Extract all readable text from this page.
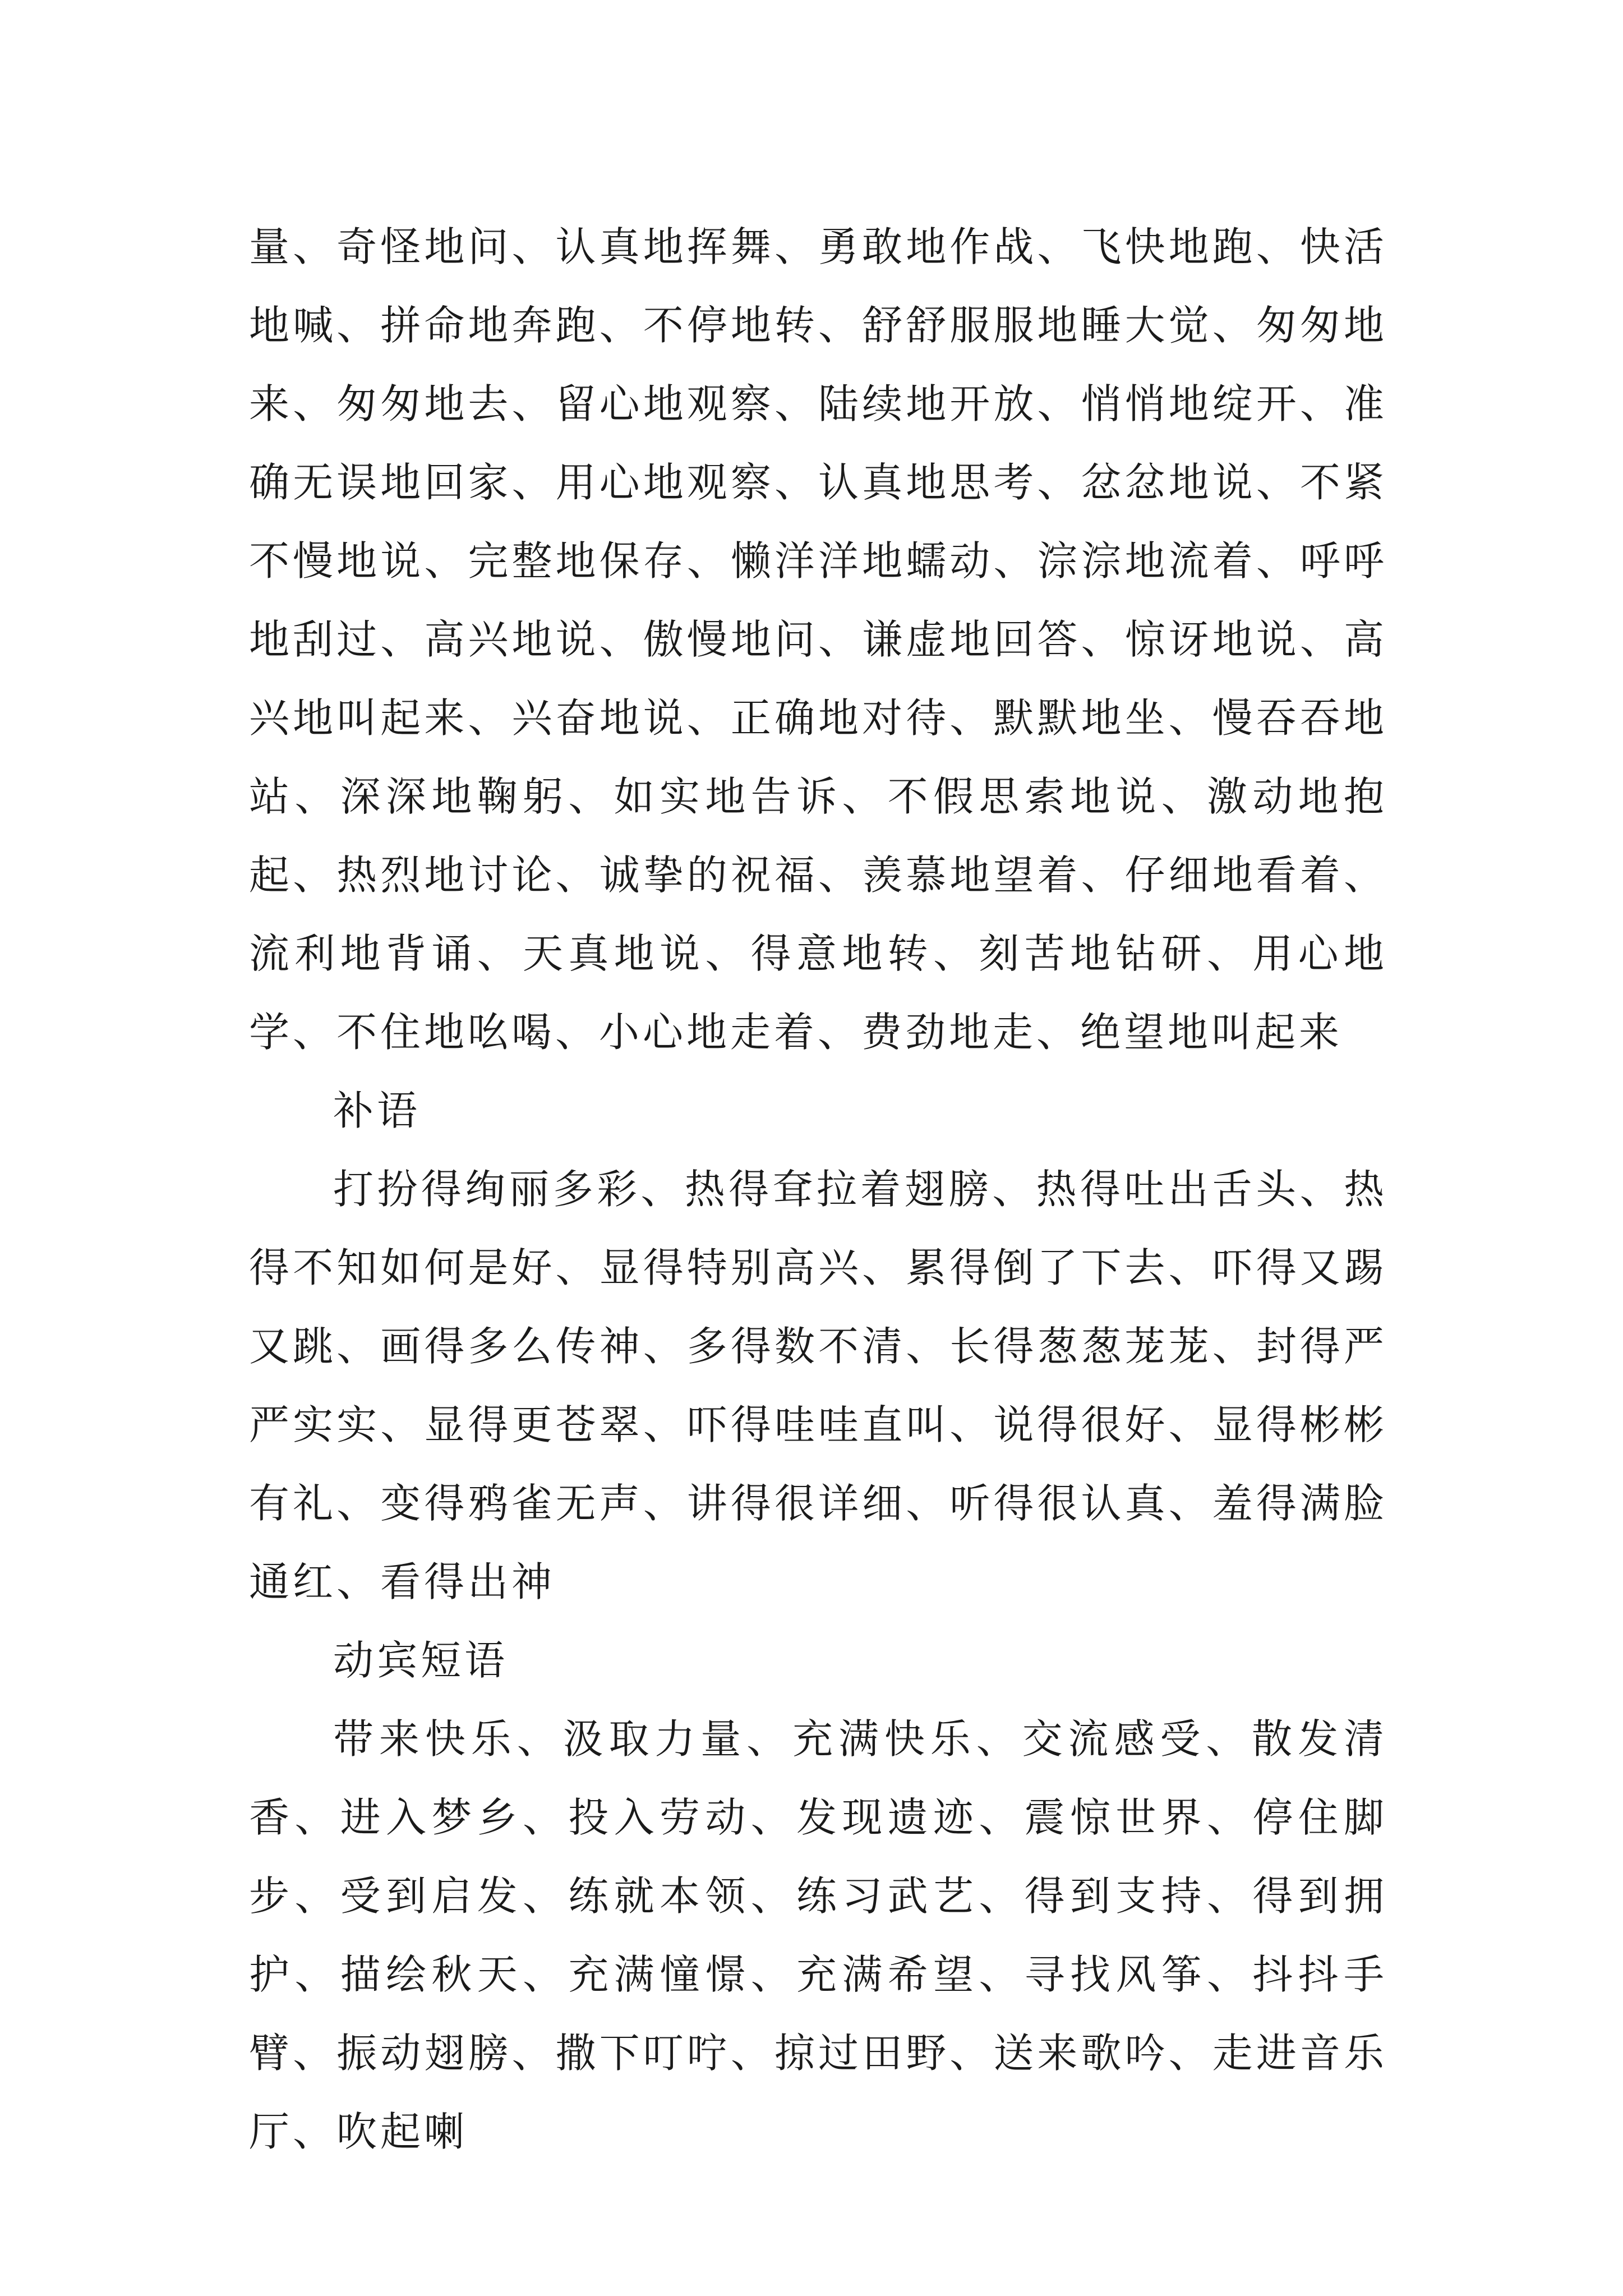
量、奇怪地问、认真地挥舞、勇敢地作战、飞快地跑、快活地喊、拼命地奔跑、不停地转、舒舒服服地睡大觉、匆匆地来、匆匆地去、留心地观察、陆续地开放、悄悄地绽开、准确无误地回家、用心地观察、认真地思考、忿忿地说、不紧不慢地说、完整地保存、懒洋洋地蠕动、淙淙地流着、呼呼地刮过、高兴地说、傲慢地问、谦虚地回答、惊讶地说、高兴地叫起来、兴奋地说、正确地对待、默默地坐、慢吞吞地站、深深地鞠躬、如实地告诉、不假思索地说、激动地抱起、热烈地讨论、诚挚的祝福、羡慕地望着、仔细地看着、流利地背诵、天真地说、得意地转、刻苦地钻研、用心地学、不住地吆喝、小心地走着、费劲地走、绝望地叫起来

补语

打扮得绚丽多彩、热得耷拉着翅膀、热得吐出舌头、热得不知如何是好、显得特别高兴、累得倒了下去、吓得又踢又跳、画得多么传神、多得数不清、长得葱葱茏茏、封得严严实实、显得更苍翠、吓得哇哇直叫、说得很好、显得彬彬有礼、变得鸦雀无声、讲得很详细、听得很认真、羞得满脸通红、看得出神

动宾短语

带来快乐、汲取力量、充满快乐、交流感受、散发清香、进入梦乡、投入劳动、发现遗迹、震惊世界、停住脚步、受到启发、练就本领、练习武艺、得到支持、得到拥护、描绘秋天、充满憧憬、充满希望、寻找风筝、抖抖手臂、振动翅膀、撒下叮咛、掠过田野、送来歌吟、走进音乐厅、吹起喇
